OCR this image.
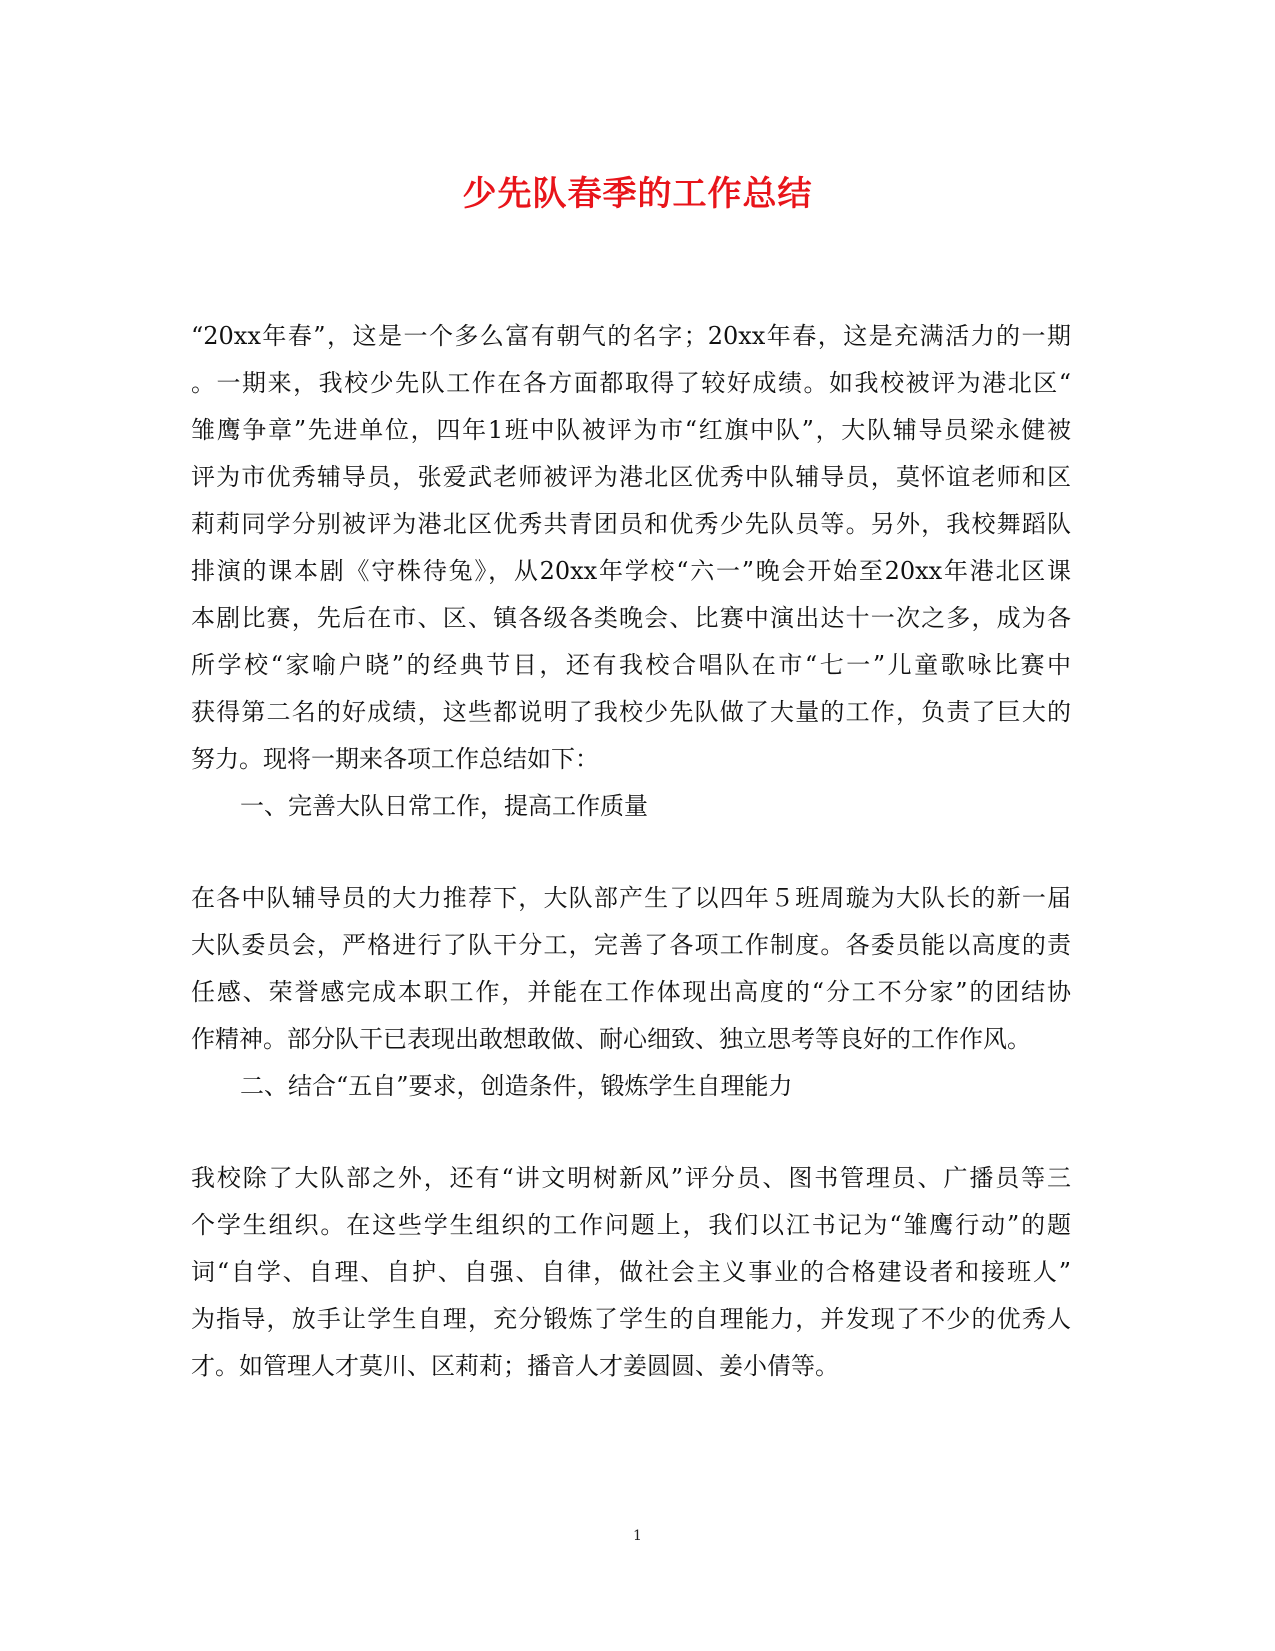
少先队春季的工作总结
“20xx年春”，这是一个多么富有朝气的名字；20xx年春，这是充满活力的一期
。一期来，我校少先队工作在各方面都取得了较好成绩。如我校被评为港北区“
雏鹰争章”先进单位，四年1班中队被评为市“红旗中队”，大队辅导员梁永健被
评为市优秀辅导员，张爱武老师被评为港北区优秀中队辅导员，莫怀谊老师和区
莉莉同学分别被评为港北区优秀共青团员和优秀少先队员等。另外，我校舞蹈队
排演的课本剧《守株待兔》，从20xx年学校“六一”晚会开始至20xx年港北区课
本剧比赛，先后在市、区、镇各级各类晚会、比赛中演出达十一次之多，成为各
所学校“家喻户晓”的经典节目，还有我校合唱队在市“七一”儿童歌咏比赛中
获得第二名的好成绩，这些都说明了我校少先队做了大量的工作，负责了巨大的
努力。现将一期来各项工作总结如下：
一、完善大队日常工作，提高工作质量
在各中队辅导员的大力推荐下，大队部产生了以四年５班周璇为大队长的新一届
大队委员会，严格进行了队干分工，完善了各项工作制度。各委员能以高度的责
任感、荣誉感完成本职工作，并能在工作体现出高度的“分工不分家”的团结协
作精神。部分队干已表现出敢想敢做、耐心细致、独立思考等良好的工作作风。
二、结合“五自”要求，创造条件，锻炼学生自理能力
我校除了大队部之外，还有“讲文明树新风”评分员、图书管理员、广播员等三
个学生组织。在这些学生组织的工作问题上，我们以江书记为“雏鹰行动”的题
词“自学、自理、自护、自强、自律，做社会主义事业的合格建设者和接班人”
为指导，放手让学生自理，充分锻炼了学生的自理能力，并发现了不少的优秀人
才。如管理人才莫川、区莉莉；播音人才姜圆圆、姜小倩等。
1
